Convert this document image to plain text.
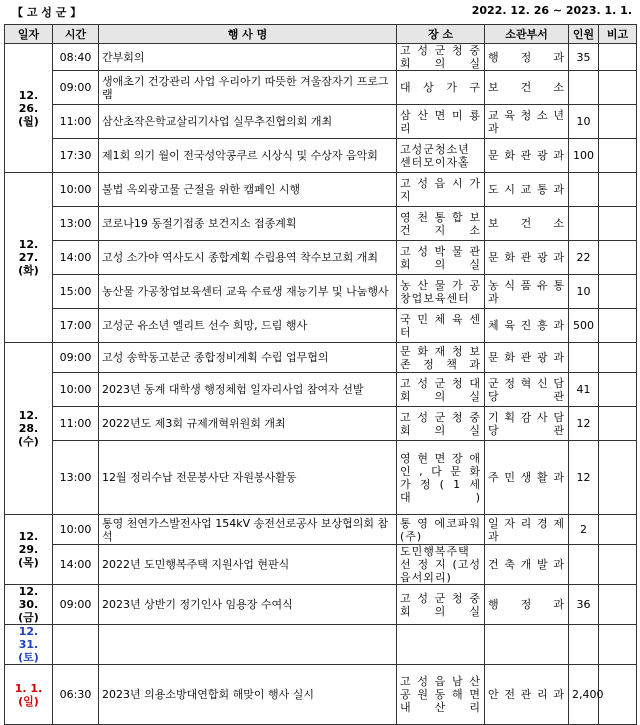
【 고 성 군 】	2022. 12. 26 ~ 2023. 1. 1.
일자	시간	행 사 명	장 소	소관부서	인원	비고

12. 26.
(월)	08:40	간부회의	고 성 군 청 중 회 의 실	행 정 과	35	
	09:00	생애초기 건강관리 사업 우리아기 따뜻한 겨울잠자기 프로그램	대 상 가 구	보 건 소		
	11:00	삼산초작은학교살리기사업 실무추진협의회 개최	삼 산 면 미 룡 리	교 육 청 소 년 과	10	
	17:30	제1회 의기 월이 전국성악콩쿠르 시상식 및 수상자 음악회	고성군청소년 센터모이자홀	문 화 관 광 과	100	

12. 27.
(화)	10:00	불법 옥외광고물 근절을 위한 캠페인 시행	고 성 읍 시 가 지	도 시 교 통 과		
	13:00	코로나19 동절기접종 보건지소 접종계획	영 천 통 합 보 건 지 소	보 건 소		
	14:00	고성 소가야 역사도시 종합계획 수립용역 착수보고회 개최	고 성 박 물 관 회 의 실	문 화 관 광 과	22	
	15:00	농산물 가공창업보육센터 교육 수료생 재능기부 및 나눔행사	농 산 물 가 공 창업보육센터	농 식 품 유 통 과	10	
	17:00	고성군 유소년 엘리트 선수 희망, 드림 행사	국 민 체 육 센 터	체 육 진 흥 과	500	

12. 28.
(수)	09:00	고성 송학동고분군 종합정비계획 수립 업무협의	문 화 재 청 보 존 정 책 과	문 화 관 광 과		
	10:00	2023년 동계 대학생 행정체험 일자리사업 참여자 선발	고 성 군 청 대 회 의 실	군 정 혁 신 담 당 관	41	
	11:00	2022년도 제3회 규제개혁위원회 개최	고 성 군 청 중 회 의 실	기 획 감 사 담 당 관	12	
	13:00	12월 정리수납 전문봉사단 자원봉사활동	영 현 면 장 애 인 , 다 문 화 가 정 ( 1 세 대 )	주 민 생 활 과	12	

12. 29.
(목)	10:00	통영 천연가스발전사업 154kV 송전선로공사 보상협의회 참석	통 영 에코파워(주)	일 자 리 경 제 과	2	
	14:00	2022년 도민행복주택 지원사업 현판식	도민행복주택 선 정 지 (고성읍서외리)	건 축 개 발 과		

12. 30.
(금)	09:00	2023년 상반기 정기인사 임용장 수여식	고 성 군 청 중 회 의 실	행 정 과	36	

12. 31.
(토)						

1. 1.
(일)	06:30	2023년 의용소방대연합회 해맞이 행사 실시	고 성 읍 남 산 공 원 동 해 면 내 산 리	안 전 관 리 과	2,400	
